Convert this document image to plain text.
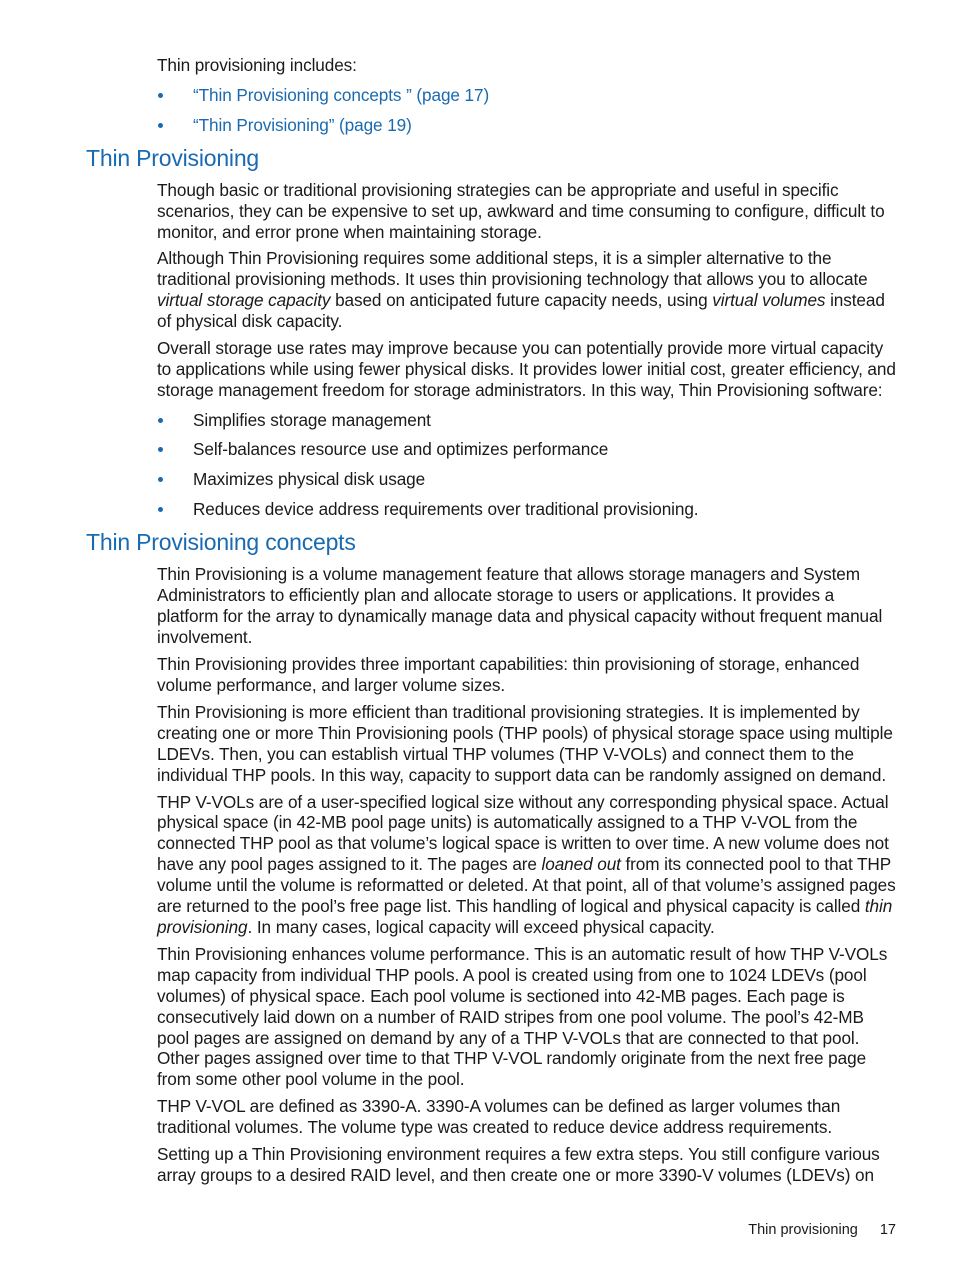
Thin provisioning includes:

“Thin Provisioning concepts ” (page 17)
“Thin Provisioning” (page 19)
Thin Provisioning

Though basic or traditional provisioning strategies can be appropriate and useful in specific scenarios, they can be expensive to set up, awkward and time consuming to configure, difficult to monitor, and error prone when maintaining storage.

Although Thin Provisioning requires some additional steps, it is a simpler alternative to the traditional provisioning methods. It uses thin provisioning technology that allows you to allocate virtual storage capacity based on anticipated future capacity needs, using virtual volumes instead of physical disk capacity.

Overall storage use rates may improve because you can potentially provide more virtual capacity to applications while using fewer physical disks. It provides lower initial cost, greater efficiency, and storage management freedom for storage administrators. In this way, Thin Provisioning software:

Simplifies storage management
Self-balances resource use and optimizes performance
Maximizes physical disk usage
Reduces device address requirements over traditional provisioning.
Thin Provisioning concepts

Thin Provisioning is a volume management feature that allows storage managers and System Administrators to efficiently plan and allocate storage to users or applications. It provides a platform for the array to dynamically manage data and physical capacity without frequent manual involvement.

Thin Provisioning provides three important capabilities: thin provisioning of storage, enhanced volume performance, and larger volume sizes.

Thin Provisioning is more efficient than traditional provisioning strategies. It is implemented by creating one or more Thin Provisioning pools (THP pools) of physical storage space using multiple LDEVs. Then, you can establish virtual THP volumes (THP V-VOLs) and connect them to the individual THP pools. In this way, capacity to support data can be randomly assigned on demand.

THP V-VOLs are of a user-specified logical size without any corresponding physical space. Actual physical space (in 42-MB pool page units) is automatically assigned to a THP V-VOL from the connected THP pool as that volume’s logical space is written to over time. A new volume does not have any pool pages assigned to it. The pages are loaned out from its connected pool to that THP volume until the volume is reformatted or deleted. At that point, all of that volume’s assigned pages are returned to the pool’s free page list. This handling of logical and physical capacity is called thin provisioning. In many cases, logical capacity will exceed physical capacity.

Thin Provisioning enhances volume performance. This is an automatic result of how THP V-VOLs map capacity from individual THP pools. A pool is created using from one to 1024 LDEVs (pool volumes) of physical space. Each pool volume is sectioned into 42-MB pages. Each page is consecutively laid down on a number of RAID stripes from one pool volume. The pool’s 42-MB pool pages are assigned on demand by any of a THP V-VOLs that are connected to that pool. Other pages assigned over time to that THP V-VOL randomly originate from the next free page from some other pool volume in the pool.

THP V-VOL are defined as 3390-A. 3390-A volumes can be defined as larger volumes than traditional volumes. The volume type was created to reduce device address requirements.

Setting up a Thin Provisioning environment requires a few extra steps. You still configure various array groups to a desired RAID level, and then create one or more 3390-V volumes (LDEVs) on

Thin provisioning 17
